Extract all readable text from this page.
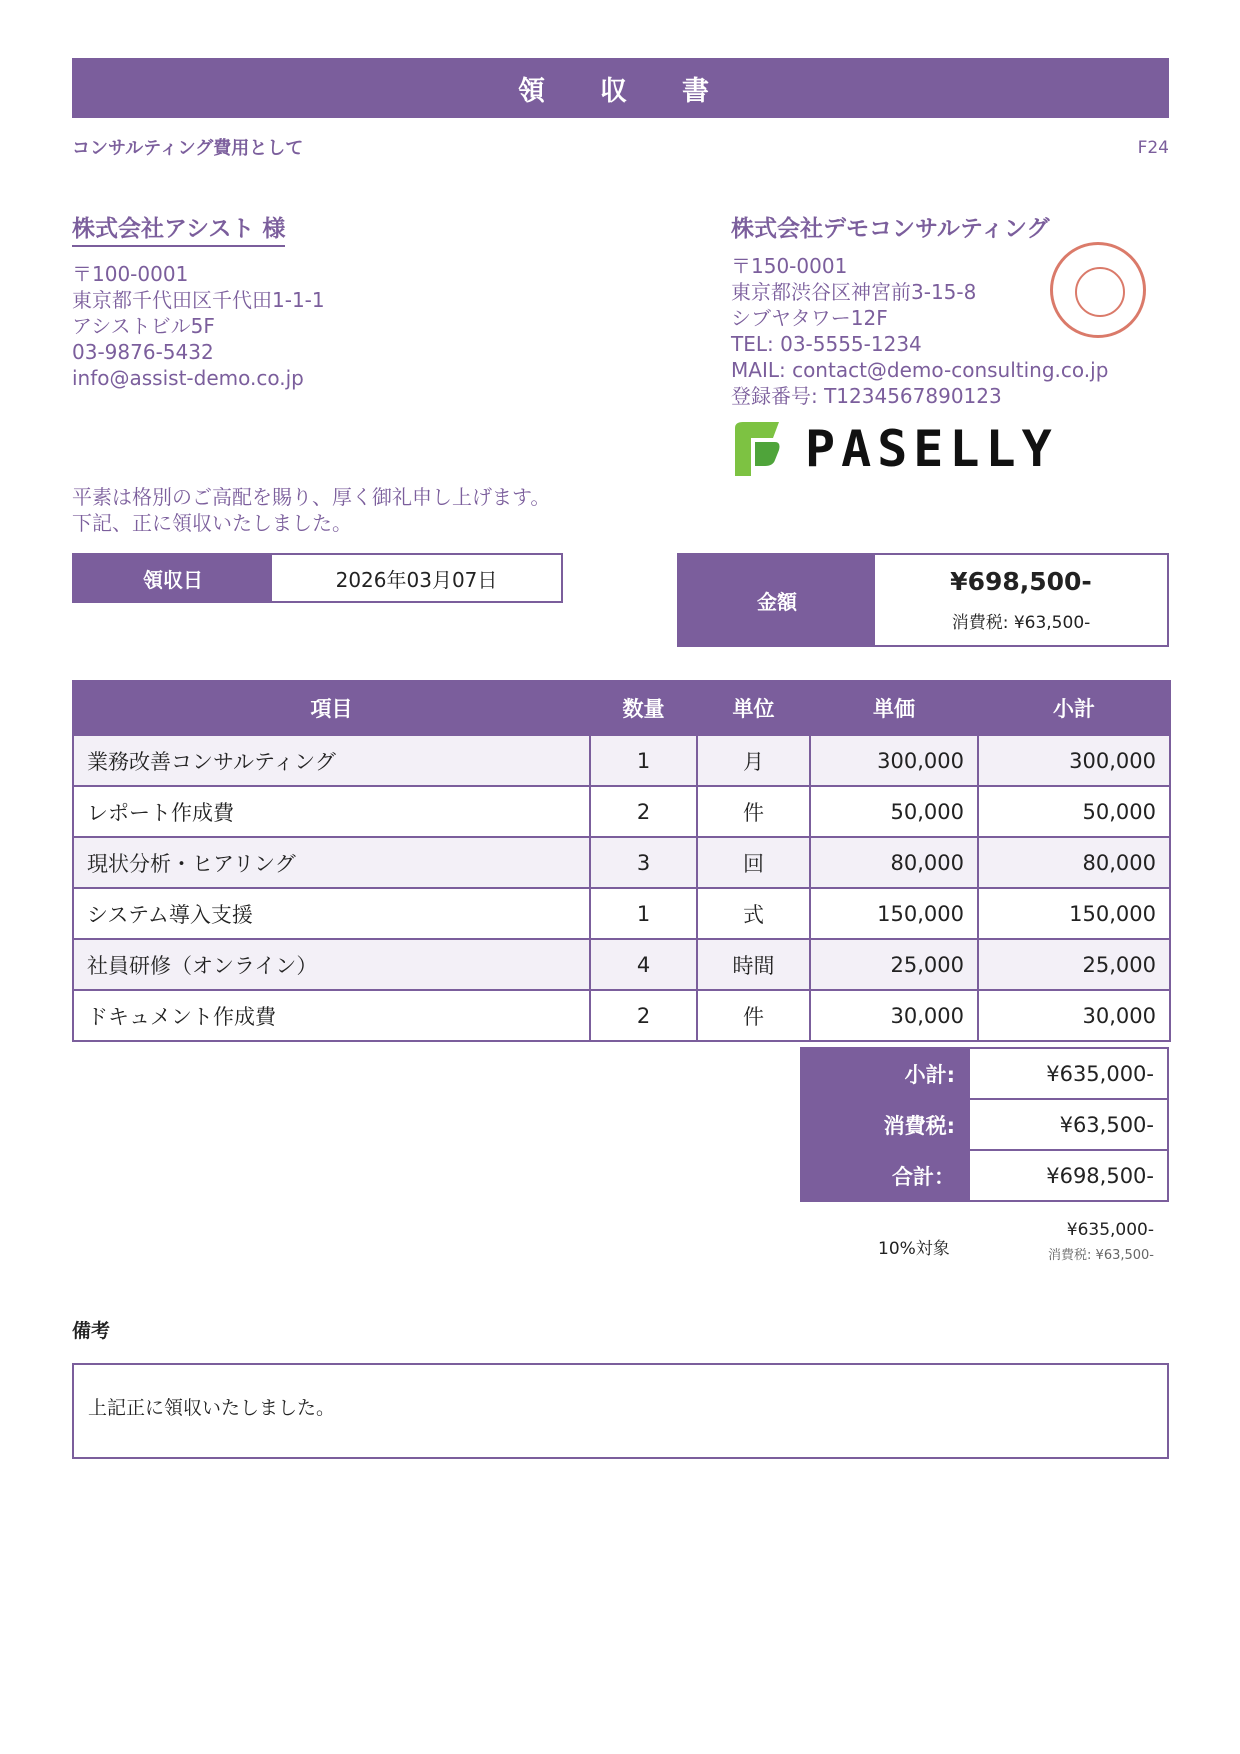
領　収　書
コンサルティング費用として	F24
株式会社アシスト 様
〒100-0001
東京都千代田区千代田1-1-1
アシストビル5F
03-9876-5432
info@assist-demo.co.jp
株式会社デモコンサルティング
〒150-0001
東京都渋谷区神宮前3-15-8
シブヤタワー12F
TEL: 03-5555-1234
MAIL: contact@demo-consulting.co.jp
登録番号: T1234567890123
PASELLY
平素は格別のご高配を賜り、厚く御礼申し上げます。
下記、正に領収いたしました。
領収日	2026年03月07日
金額
¥698,500-
消費税: ¥63,500-
項目	数量	単位	単価	小計
業務改善コンサルティング	1	月	300,000	300,000
レポート作成費	2	件	50,000	50,000
現状分析・ヒアリング	3	回	80,000	80,000
システム導入支援	1	式	150,000	150,000
社員研修（オンライン）	4	時間	25,000	25,000
ドキュメント作成費	2	件	30,000	30,000
小計:	¥635,000-
消費税:	¥63,500-
合計：	¥698,500-
10%対象
¥635,000-
消費税: ¥63,500-
備考
上記正に領収いたしました。
